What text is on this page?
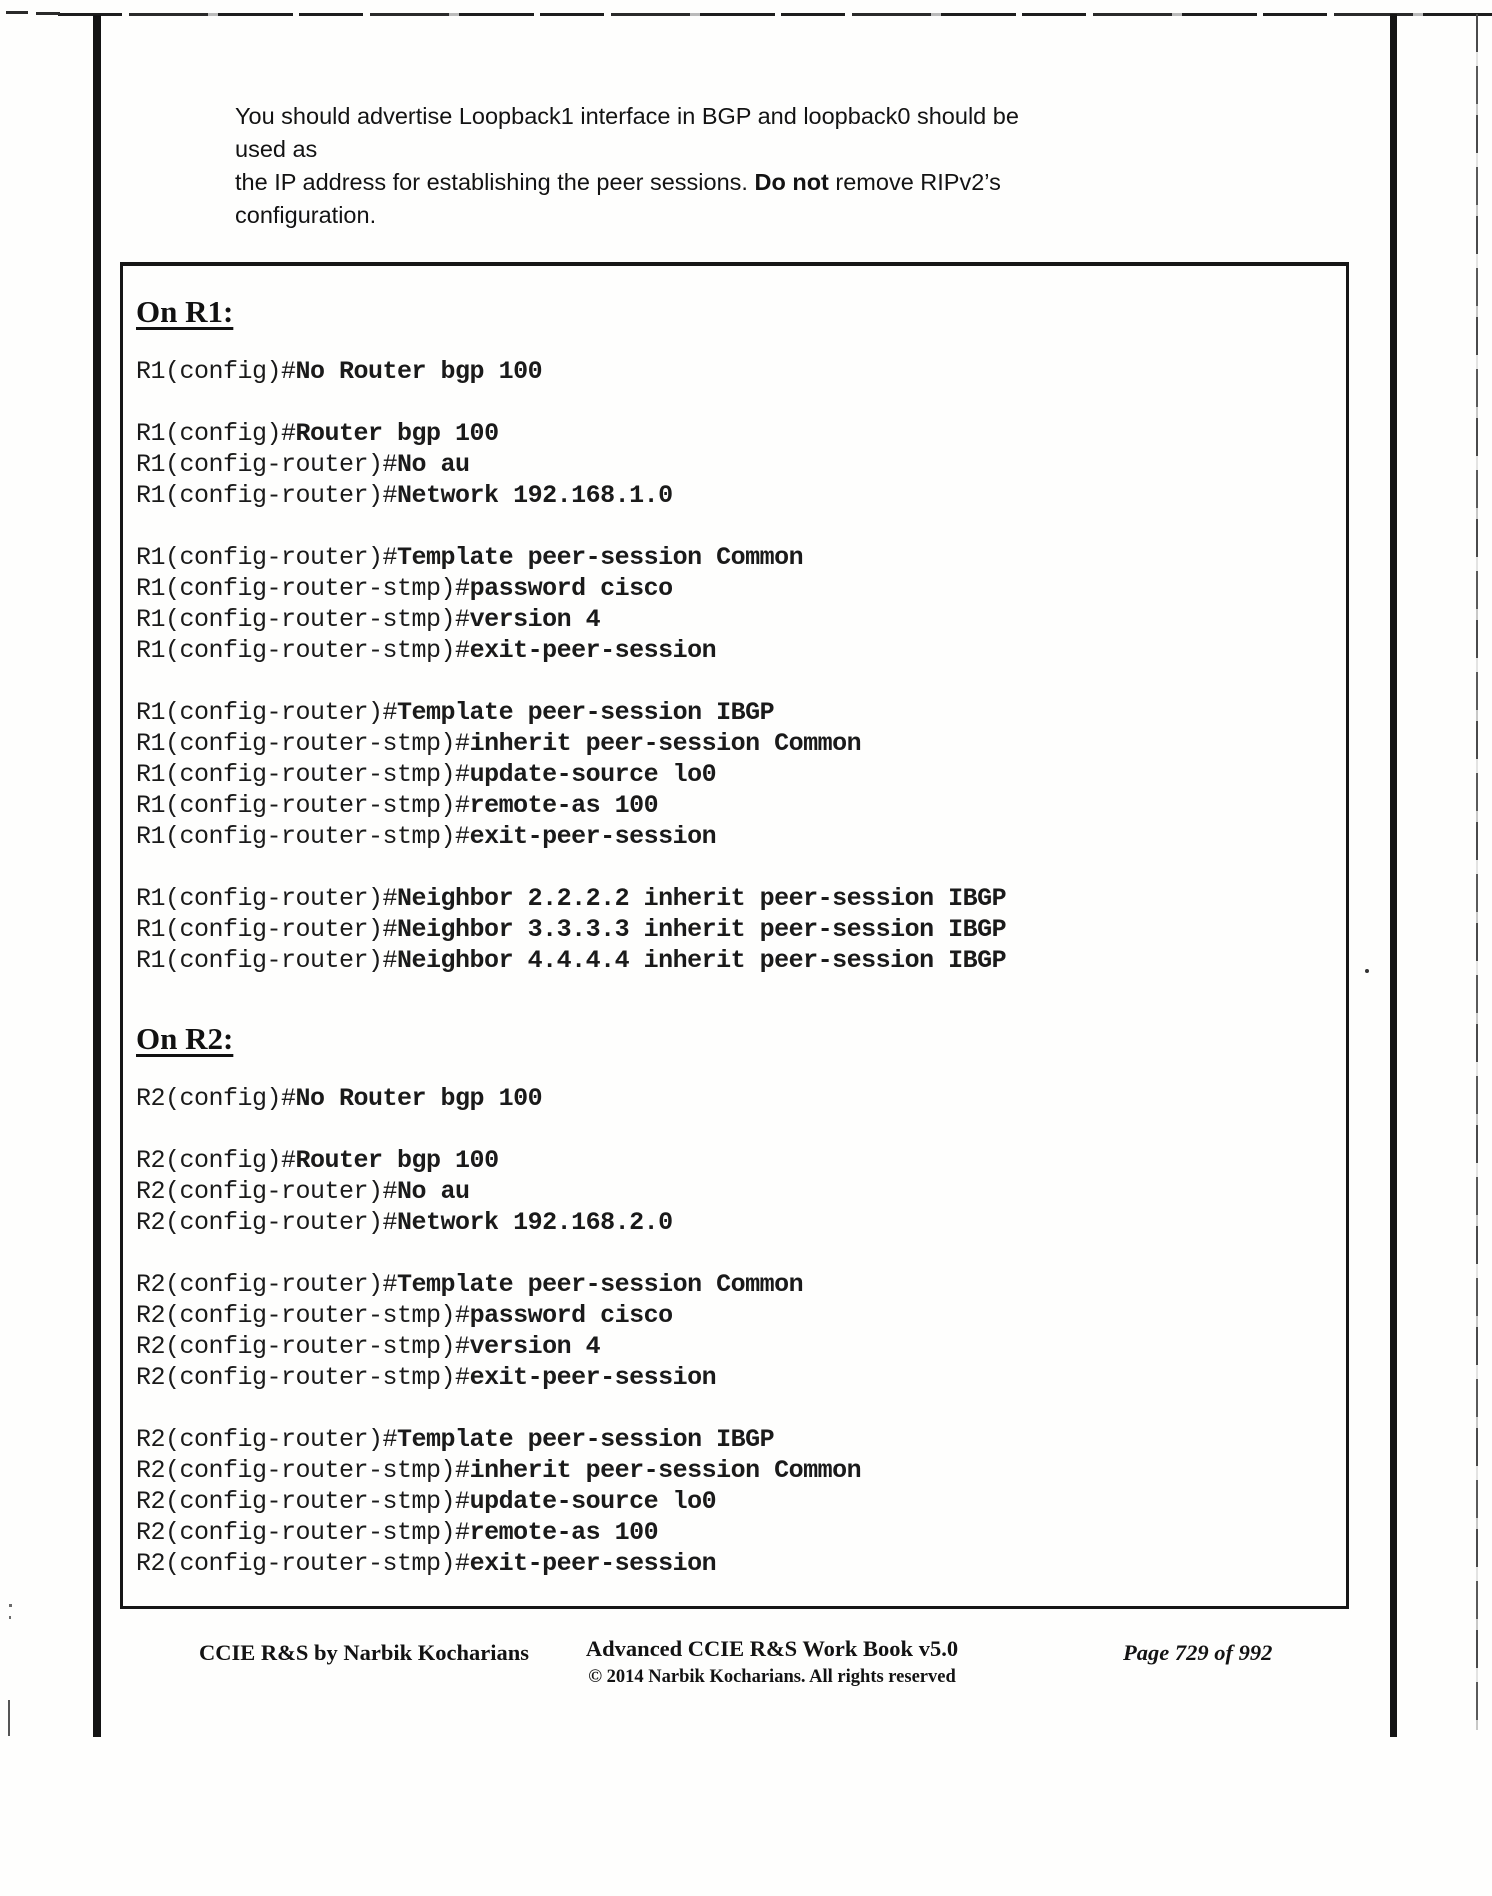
You should advertise Loopback1 interface in BGP and loopback0 should be used as
the IP address for establishing the peer sessions. Do not remove RIPv2’s
configuration.
On R1:

R1(config)#No Router bgp 100
R1(config)#Router bgp 100
R1(config-router)#No au
R1(config-router)#Network 192.168.1.0
R1(config-router)#Template peer-session Common
R1(config-router-stmp)#password cisco
R1(config-router-stmp)#version 4
R1(config-router-stmp)#exit-peer-session
R1(config-router)#Template peer-session IBGP
R1(config-router-stmp)#inherit peer-session Common
R1(config-router-stmp)#update-source lo0
R1(config-router-stmp)#remote-as 100
R1(config-router-stmp)#exit-peer-session
R1(config-router)#Neighbor 2.2.2.2 inherit peer-session IBGP
R1(config-router)#Neighbor 3.3.3.3 inherit peer-session IBGP
R1(config-router)#Neighbor 4.4.4.4 inherit peer-session IBGP
On R2:

R2(config)#No Router bgp 100
R2(config)#Router bgp 100
R2(config-router)#No au
R2(config-router)#Network 192.168.2.0
R2(config-router)#Template peer-session Common
R2(config-router-stmp)#password cisco
R2(config-router-stmp)#version 4
R2(config-router-stmp)#exit-peer-session
R2(config-router)#Template peer-session IBGP
R2(config-router-stmp)#inherit peer-session Common
R2(config-router-stmp)#update-source lo0
R2(config-router-stmp)#remote-as 100
R2(config-router-stmp)#exit-peer-session
CCIE R&S by Narbik Kocharians	Advanced CCIE R&S Work Book v5.0
© 2014 Narbik Kocharians. All rights reserved
Page 729 of 992
